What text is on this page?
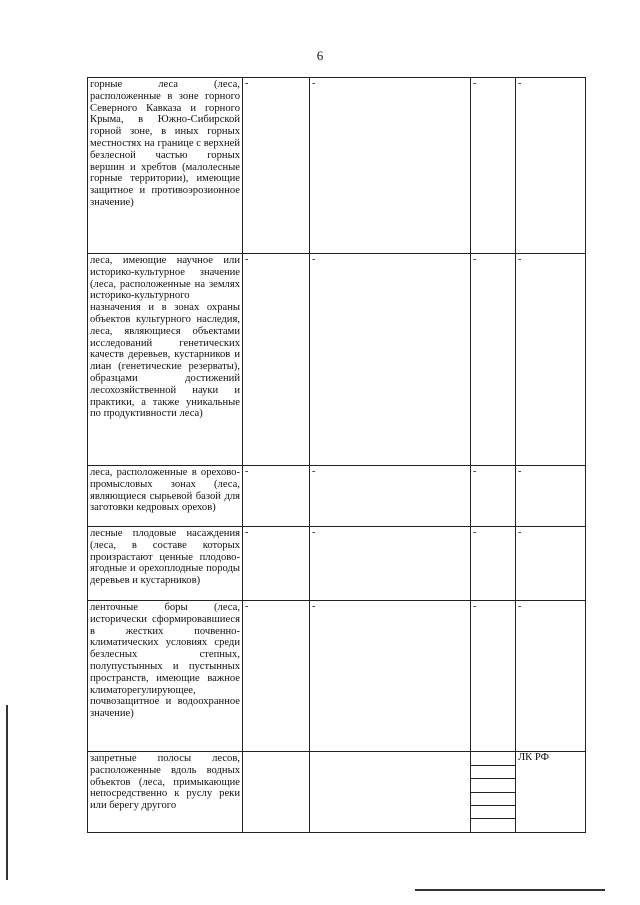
6
горные леса (леса, расположенные в зоне горного Северного Кавказа и горного Крыма, в Южно-Сибирской горной зоне, в иных горных местностях на границе с верхней безлесной частью горных вершин и хребтов (малолесные горные территории), имеющие защитное и противоэрозионное значение)	-	-	-	-

леса, имеющие научное или историко-культурное значение (леса, расположенные на землях историко-культурного назначения и в зонах охраны объектов культурного наследия, леса, являющиеся объектами исследований генетических качеств деревьев, кустарников и лиан (генетические резерваты), образцами достижений лесохозяйственной науки и практики, а также уникальные по продуктивности леса)	-	-	-	-

леса, расположенные в орехово-промысловых зонах (леса, являющиеся сырьевой базой для заготовки кедровых орехов)	-	-	-	-

лесные плодовые насаждения (леса, в составе которых произрастают ценные плодово-ягодные и орехоплодные породы деревьев и кустарников)	-	-	-	-

ленточные боры (леса, исторически сформировавшиеся в жестких почвенно-климатических условиях среди безлесных степных, полупустынных и пустынных пространств, имеющие важное климаторегулирующее, почвозащитное и водоохранное значение)	-	-	-	-

запретные полосы лесов, расположенные вдоль водных объектов (леса, примыкающие непосредственно к руслу реки или берегу другого				ЛК РФ
